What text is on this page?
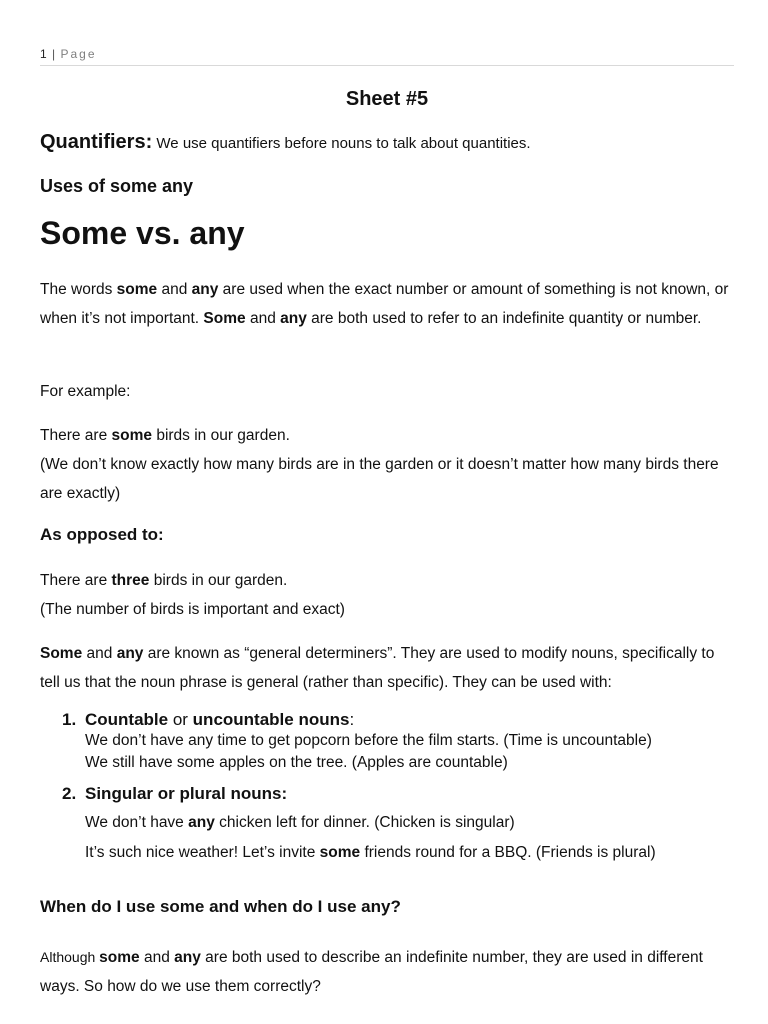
1 | Page
Sheet #5
Quantifiers: We use quantifiers before nouns to talk about quantities.
Uses of some any
Some vs. any
The words some and any are used when the exact number or amount of something is not known, or when it’s not important. Some and any are both used to refer to an indefinite quantity or number.
For example:
There are some birds in our garden.
(We don’t know exactly how many birds are in the garden or it doesn’t matter how many birds there are exactly)
As opposed to:
There are three birds in our garden.
(The number of birds is important and exact)
Some and any are known as “general determiners”. They are used to modify nouns, specifically to tell us that the noun phrase is general (rather than specific). They can be used with:
1. Countable or uncountable nouns:
We don’t have any time to get popcorn before the film starts. (Time is uncountable)
We still have some apples on the tree. (Apples are countable)
2. Singular or plural nouns:
We don’t have any chicken left for dinner. (Chicken is singular)
It’s such nice weather! Let’s invite some friends round for a BBQ. (Friends is plural)
When do I use some and when do I use any?
Although some and any are both used to describe an indefinite number, they are used in different ways. So how do we use them correctly?
